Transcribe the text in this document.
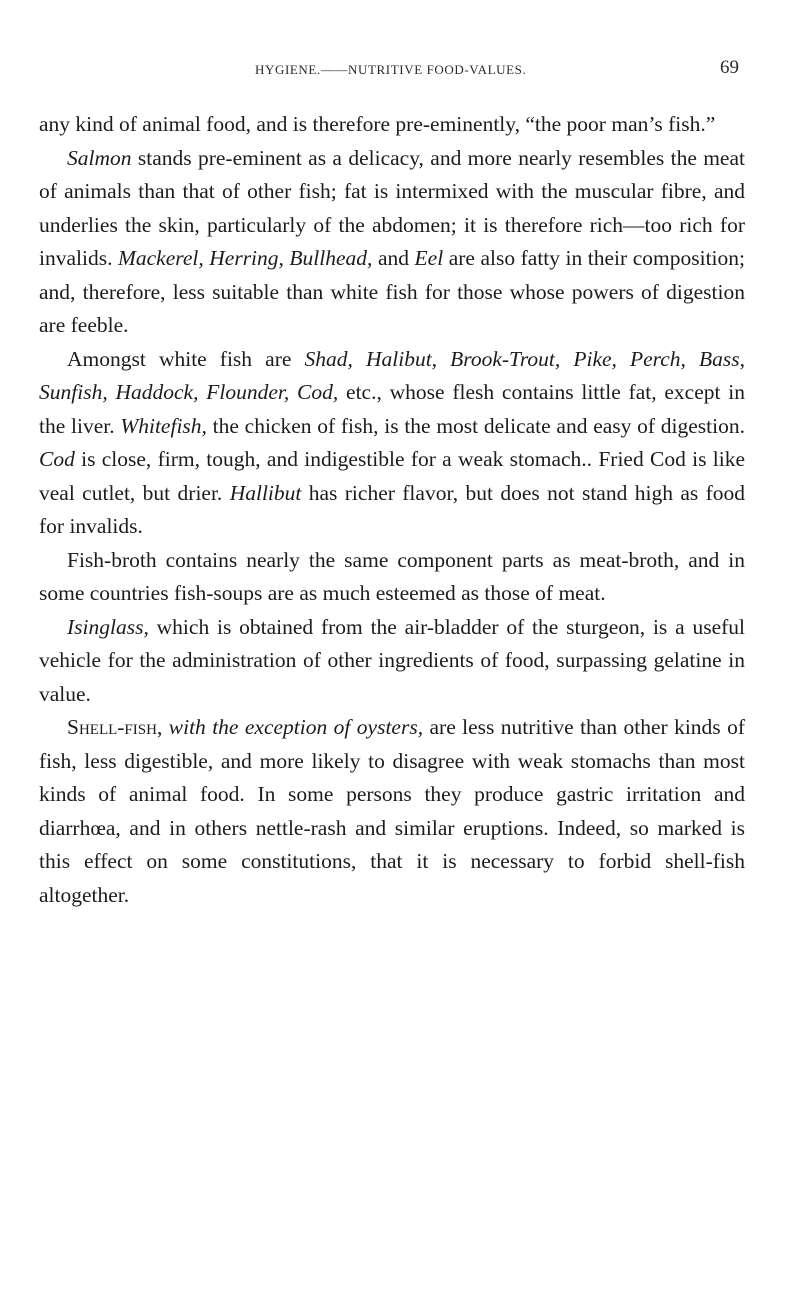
HYGIENE.——NUTRITIVE FOOD-VALUES.	69

any kind of animal food, and is therefore pre-eminently, “the poor man’s fish.”

Salmon stands pre-eminent as a delicacy, and more nearly resembles the meat of animals than that of other fish; fat is intermixed with the muscular fibre, and underlies the skin, particularly of the abdomen; it is therefore rich—too rich for invalids. Mackerel, Herring, Bullhead, and Eel are also fatty in their composition; and, therefore, less suitable than white fish for those whose powers of digestion are feeble.

Amongst white fish are Shad, Halibut, Brook-Trout, Pike, Perch, Bass, Sunfish, Haddock, Flounder, Cod, etc., whose flesh contains little fat, except in the liver. Whitefish, the chicken of fish, is the most delicate and easy of digestion. Cod is close, firm, tough, and indigestible for a weak stomach.. Fried Cod is like veal cutlet, but drier. Hallibut has richer flavor, but does not stand high as food for invalids.

Fish-broth contains nearly the same component parts as meat-broth, and in some countries fish-soups are as much esteemed as those of meat.

Isinglass, which is obtained from the air-bladder of the sturgeon, is a useful vehicle for the administration of other ingredients of food, surpassing gelatine in value.

Shell-fish, with the exception of oysters, are less nutritive than other kinds of fish, less digestible, and more likely to disagree with weak stomachs than most kinds of animal food. In some persons they produce gastric irritation and diarrhœa, and in others nettle-rash and similar eruptions. Indeed, so marked is this effect on some constitutions, that it is necessary to forbid shell-fish altogether.
